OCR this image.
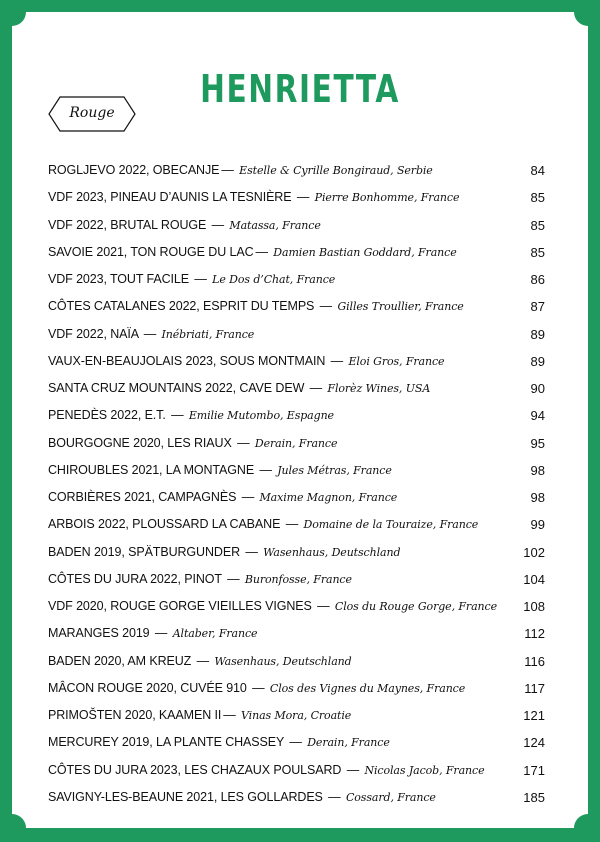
HENRIETTA
Rouge
ROGLJEVO 2022, OBECANJE — Estelle & Cyrille Bongiraud, Serbie	84
VDF 2023, PINEAU D’AUNIS LA TESNIÈRE — Pierre Bonhomme, France	85
VDF 2022, BRUTAL ROUGE — Matassa, France	85
SAVOIE 2021, TON ROUGE DU LAC — Damien Bastian Goddard, France	85
VDF 2023, TOUT FACILE — Le Dos d’Chat, France	86
CÔTES CATALANES 2022, ESPRIT DU TEMPS — Gilles Troullier, France	87
VDF 2022, NAÏA — Inébriati, France	89
VAUX-EN-BEAUJOLAIS 2023, SOUS MONTMAIN — Eloi Gros, France	89
SANTA CRUZ MOUNTAINS 2022, CAVE DEW — Florèz Wines, USA	90
PENEDÈS 2022, E.T. — Emilie Mutombo, Espagne	94
BOURGOGNE 2020, LES RIAUX — Derain, France	95
CHIROUBLES 2021, LA MONTAGNE — Jules Métras, France	98
CORBIÈRES 2021, CAMPAGNÈS — Maxime Magnon, France	98
ARBOIS 2022, PLOUSSARD LA CABANE — Domaine de la Touraize, France	99
BADEN 2019, SPÄTBURGUNDER — Wasenhaus, Deutschland	102
CÔTES DU JURA 2022, PINOT — Buronfosse, France	104
VDF 2020, ROUGE GORGE VIEILLES VIGNES — Clos du Rouge Gorge, France	108
MARANGES 2019 — Altaber, France	112
BADEN 2020, AM KREUZ — Wasenhaus, Deutschland	116
MÂCON ROUGE 2020, CUVÉE 910 — Clos des Vignes du Maynes, France	117
PRIMOŠTEN 2020, KAAMEN II — Vinas Mora, Croatie	121
MERCUREY 2019, LA PLANTE CHASSEY — Derain, France	124
CÔTES DU JURA 2023, LES CHAZAUX POULSARD — Nicolas Jacob, France	171
SAVIGNY-LES-BEAUNE 2021, LES GOLLARDES — Cossard, France	185
